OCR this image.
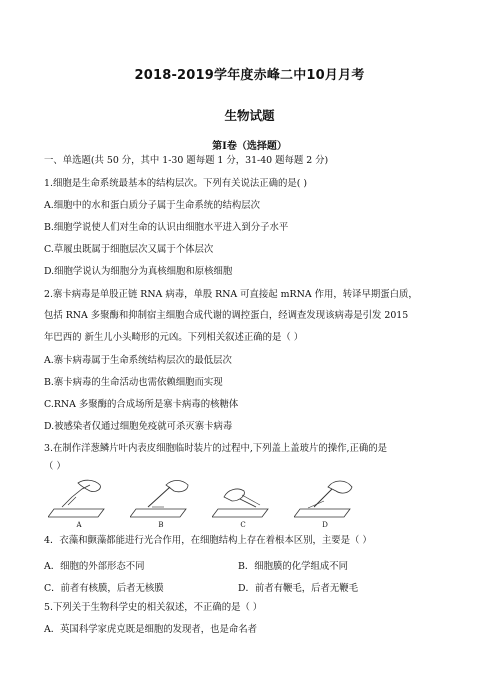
2018-2019学年度赤峰二中10月月考
生物试题
第I卷（选择题）
一、单选题(共 50 分，其中 1-30 题每题 1 分，31-40 题每题 2 分)
1.细胞是生命系统最基本的结构层次。下列有关说法正确的是( )
A.细胞中的水和蛋白质分子属于生命系统的结构层次
B.细胞学说使人们对生命的认识由细胞水平进入到分子水平
C.草履虫既属于细胞层次又属于个体层次
D.细胞学说认为细胞分为真核细胞和原核细胞
2.寨卡病毒是单股正链 RNA 病毒，单股 RNA 可直接起 mRNA 作用，转译早期蛋白质，
包括 RNA 多聚酶和抑制宿主细胞合成代谢的调控蛋白，经调查发现该病毒是引发 2015
年巴西的 新生儿小头畸形的元凶。下列相关叙述正确的是（ ）
A.寨卡病毒属于生命系统结构层次的最低层次
B.寨卡病毒的生命活动也需依赖细胞而实现
C.RNA 多聚酶的合成场所是寨卡病毒的核糖体
D.被感染者仅通过细胞免疫就可杀灭寨卡病毒
3.在制作洋葱鳞片叶内表皮细胞临时装片的过程中,下列盖上盖玻片的操作,正确的是
（ ）
A	B	C	D
4．衣藻和颤藻都能进行光合作用，在细胞结构上存在着根本区别，主要是（ ）
A．细胞的外部形态不同	B．细胞膜的化学组成不同
C．前者有核膜，后者无核膜	D．前者有鞭毛，后者无鞭毛
5.下列关于生物科学史的相关叙述，不正确的是（ ）
A．英国科学家虎克既是细胞的发现者，也是命名者
